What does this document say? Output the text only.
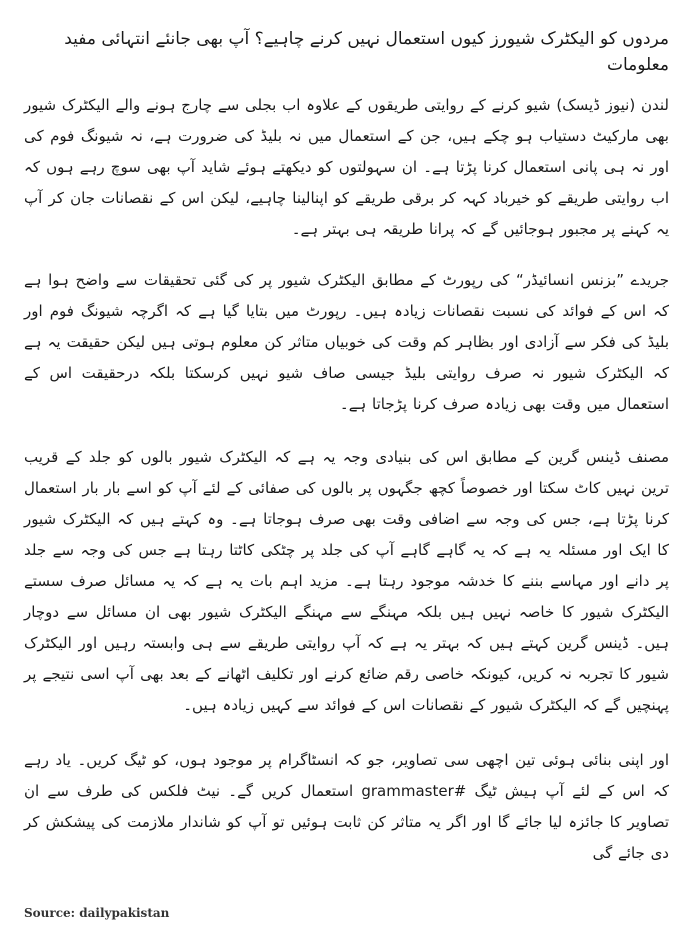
مردوں کو الیکٹرک شیورز کیوں استعمال نہیں کرنے چاہیے؟ آپ بھی جانئے انتہائی مفید معلومات

لندن (نیوز ڈیسک) شیو کرنے کے روایتی طریقوں کے علاوہ اب بجلی سے چارج ہونے والے الیکٹرک شیور بھی مارکیٹ دستیاب ہو چکے ہیں، جن کے استعمال میں نہ بلیڈ کی ضرورت ہے، نہ شیونگ فوم کی اور نہ ہی پانی استعمال کرنا پڑتا ہے۔ ان سہولتوں کو دیکھتے ہوئے شاید آپ بھی سوچ رہے ہوں کہ اب روایتی طریقے کو خیرباد کہہ کر برقی طریقے کو اپنالینا چاہیے، لیکن اس کے نقصانات جان کر آپ یہ کہنے پر مجبور ہوجائیں گے کہ پرانا طریقہ ہی بہتر ہے۔

جریدے ”بزنس انسائیڈر“ کی رپورٹ کے مطابق الیکٹرک شیور پر کی گئی تحقیقات سے واضح ہوا ہے کہ اس کے فوائد کی نسبت نقصانات زیادہ ہیں۔ رپورٹ میں بتایا گیا ہے کہ اگرچہ شیونگ فوم اور بلیڈ کی فکر سے آزادی اور بظاہر کم وقت کی خوبیاں متاثر کن معلوم ہوتی ہیں لیکن حقیقت یہ ہے کہ الیکٹرک شیور نہ صرف روایتی بلیڈ جیسی صاف شیو نہیں کرسکتا بلکہ درحقیقت اس کے استعمال میں وقت بھی زیادہ صرف کرنا پڑجاتا ہے۔

مصنف ڈینس گرین کے مطابق اس کی بنیادی وجہ یہ ہے کہ الیکٹرک شیور بالوں کو جلد کے قریب ترین نہیں کاٹ سکتا اور خصوصاً کچھ جگہوں پر بالوں کی صفائی کے لئے آپ کو اسے بار بار استعمال کرنا پڑتا ہے، جس کی وجہ سے اضافی وقت بھی صرف ہوجاتا ہے۔ وہ کہتے ہیں کہ الیکٹرک شیور کا ایک اور مسئلہ یہ ہے کہ یہ گاہے گاہے آپ کی جلد پر چٹکی کاٹتا رہتا ہے جس کی وجہ سے جلد پر دانے اور مہاسے بننے کا خدشہ موجود رہتا ہے۔ مزید اہم بات یہ ہے کہ یہ مسائل صرف سستے الیکٹرک شیور کا خاصہ نہیں ہیں بلکہ مہنگے سے مہنگے الیکٹرک شیور بھی ان مسائل سے دوچار ہیں۔ ڈینس گرین کہتے ہیں کہ بہتر یہ ہے کہ آپ روایتی طریقے سے ہی وابستہ رہیں اور الیکٹرک شیور کا تجربہ نہ کریں، کیونکہ خاصی رقم ضائع کرنے اور تکلیف اٹھانے کے بعد بھی آپ اسی نتیجے پر پہنچیں گے کہ الیکٹرک شیور کے نقصانات اس کے فوائد سے کہیں زیادہ ہیں۔

اور اپنی بنائی ہوئی تین اچھی سی تصاویر، جو کہ انسٹاگرام پر موجود ہوں، کو ٹیگ کریں۔ یاد رہے کہ اس کے لئے آپ ہیش ٹیگ #grammaster استعمال کریں گے۔ نیٹ فلکس کی طرف سے ان تصاویر کا جائزہ لیا جائے گا اور اگر یہ متاثر کن ثابت ہوئیں تو آپ کو شاندار ملازمت کی پیشکش کر دی جائے گی

Source: dailypakistan
